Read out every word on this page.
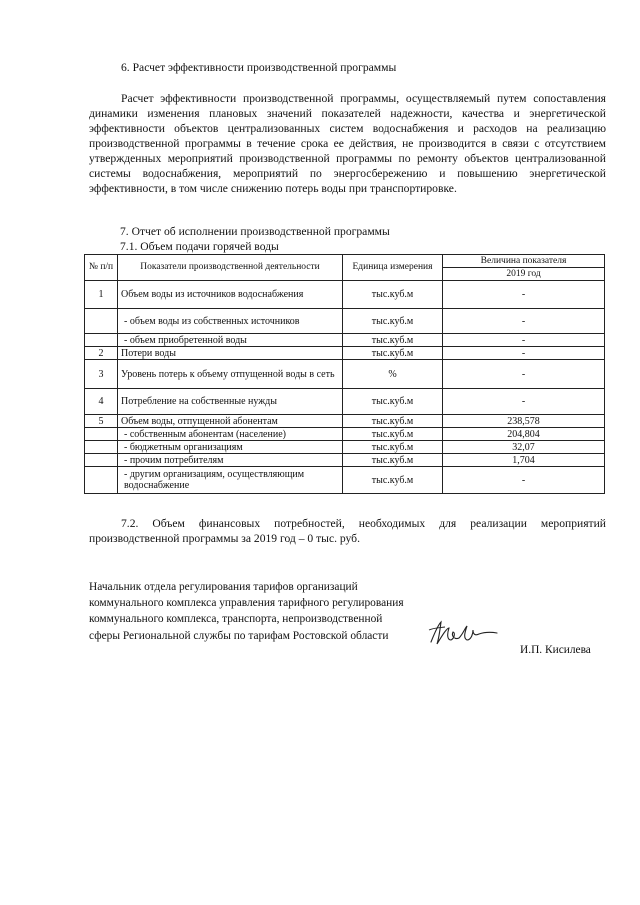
6. Расчет эффективности производственной программы
Расчет эффективности производственной программы, осуществляемый путем сопоставления динамики изменения плановых значений показателей надежности, качества и энергетической эффективности объектов централизованных систем водоснабжения и расходов на реализацию производственной программы в течение срока ее действия, не производится в связи с отсутствием утвержденных мероприятий производственной программы по ремонту объектов централизованной системы водоснабжения, мероприятий по энергосбережению и повышению энергетической эффективности, в том числе снижению потерь воды при транспортировке.
7. Отчет об исполнении производственной программы
7.1. Объем подачи горячей воды
№ п/п	Показатели производственной деятельности	Единица измерения	Величина показателя
			2019 год
1	Объем воды из источников водоснабжения	тыс.куб.м	-
	- объем воды из собственных источников	тыс.куб.м	-
	- объем приобретенной воды	тыс.куб.м	-
2	Потери воды	тыс.куб.м	-
3	Уровень потерь к объему отпущенной воды в сеть	%	-
4	Потребление на собственные нужды	тыс.куб.м	-
5	Объем воды, отпущенной абонентам	тыс.куб.м	238,578
	- собственным абонентам (население)	тыс.куб.м	204,804
	- бюджетным организациям	тыс.куб.м	32,07
	- прочим потребителям	тыс.куб.м	1,704
	- другим организациям, осуществляющим водоснабжение	тыс.куб.м	-
7.2. Объем финансовых потребностей, необходимых для реализации мероприятий производственной программы за 2019 год – 0 тыс. руб.
Начальник отдела регулирования тарифов организаций коммунального комплекса управления тарифного регулирования коммунального комплекса, транспорта, непроизводственной сферы Региональной службы по тарифам Ростовской области
И.П. Кисилева
